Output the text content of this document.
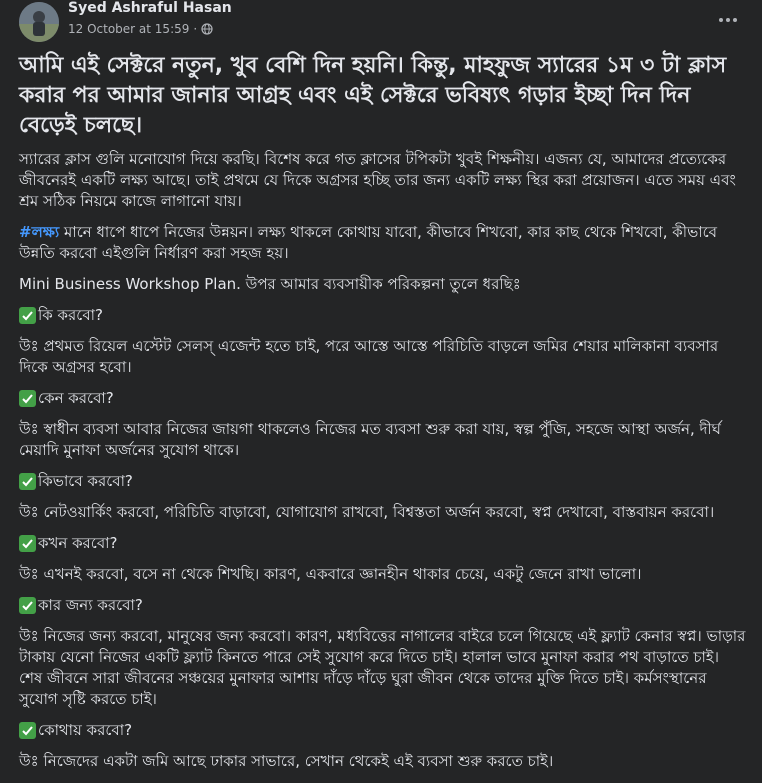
Syed Ashraful Hasan
12 October at 15:59 ·
আমি এই সেক্টরে নতুন, খুব বেশি দিন হয়নি। কিন্তু, মাহফুজ স্যারের ১ম ৩ টা ক্লাস করার পর আমার জানার আগ্রহ এবং এই সেক্টরে ভবিষ্যৎ গড়ার ইচ্ছা দিন দিন বেড়েই চলছে।

স্যারের ক্লাস গুলি মনোযোগ দিয়ে করছি। বিশেষ করে গত ক্লাসের টপিকটা খুবই শিক্ষনীয়। এজন্য যে, আমাদের প্রত্যেকের জীবনেরই একটি লক্ষ্য আছে। তাই প্রথমে যে দিকে অগ্রসর হচ্ছি তার জন্য একটি লক্ষ্য স্থির করা প্রয়োজন। এতে সময় এবং শ্রম সঠিক নিয়মে কাজে লাগানো যায়।

#লক্ষ্য মানে ধাপে ধাপে নিজের উন্নয়ন। লক্ষ্য থাকলে কোথায় যাবো, কীভাবে শিখবো, কার কাছ থেকে শিখবো, কীভাবে উন্নতি করবো এইগুলি নির্ধারণ করা সহজ হয়।

Mini Business Workshop Plan. উপর আমার ব্যবসায়ীক পরিকল্পনা তুলে ধরছিঃ

কি করবো?

উঃ প্রথমত রিয়েল এস্টেট সেলস্ এজেন্ট হতে চাই, পরে আস্তে আস্তে পরিচিতি বাড়লে জমির শেয়ার মালিকানা ব্যবসার দিকে অগ্রসর হবো।

কেন করবো?

উঃ স্বাধীন ব্যবসা আবার নিজের জায়গা থাকলেও নিজের মত ব্যবসা শুরু করা যায়, স্বল্প পুঁজি, সহজে আস্থা অর্জন, দীর্ঘ মেয়াদি মুনাফা অর্জনের সুযোগ থাকে।

কিভাবে করবো?

উঃ নেটওয়ার্কিং করবো, পরিচিতি বাড়াবো, যোগাযোগ রাখবো, বিশ্বস্ততা অর্জন করবো, স্বপ্ন দেখাবো, বাস্তবায়ন করবো।

কখন করবো?

উঃ এখনই করবো, বসে না থেকে শিখছি। কারণ, একবারে জ্ঞানহীন থাকার চেয়ে, একটু জেনে রাখা ভালো।

কার জন্য করবো?

উঃ নিজের জন্য করবো, মানুষের জন্য করবো। কারণ, মধ্যবিত্তের নাগালের বাইরে চলে গিয়েছে এই ফ্ল্যাট কেনার স্বপ্ন। ভাড়ার টাকায় যেনো নিজের একটি ফ্ল্যাট কিনতে পারে সেই সুযোগ করে দিতে চাই। হালাল ভাবে মুনাফা করার পথ বাড়াতে চাই। শেষ জীবনে সারা জীবনের সঞ্চয়ের মুনাফার আশায় দাঁড়ে দাঁড়ে ঘুরা জীবন থেকে তাদের মুক্তি দিতে চাই। কর্মসংস্থানের সুযোগ সৃষ্টি করতে চাই।

কোথায় করবো?

উঃ নিজেদের একটা জমি আছে ঢাকার সাভারে, সেখান থেকেই এই ব্যবসা শুরু করতে চাই।
